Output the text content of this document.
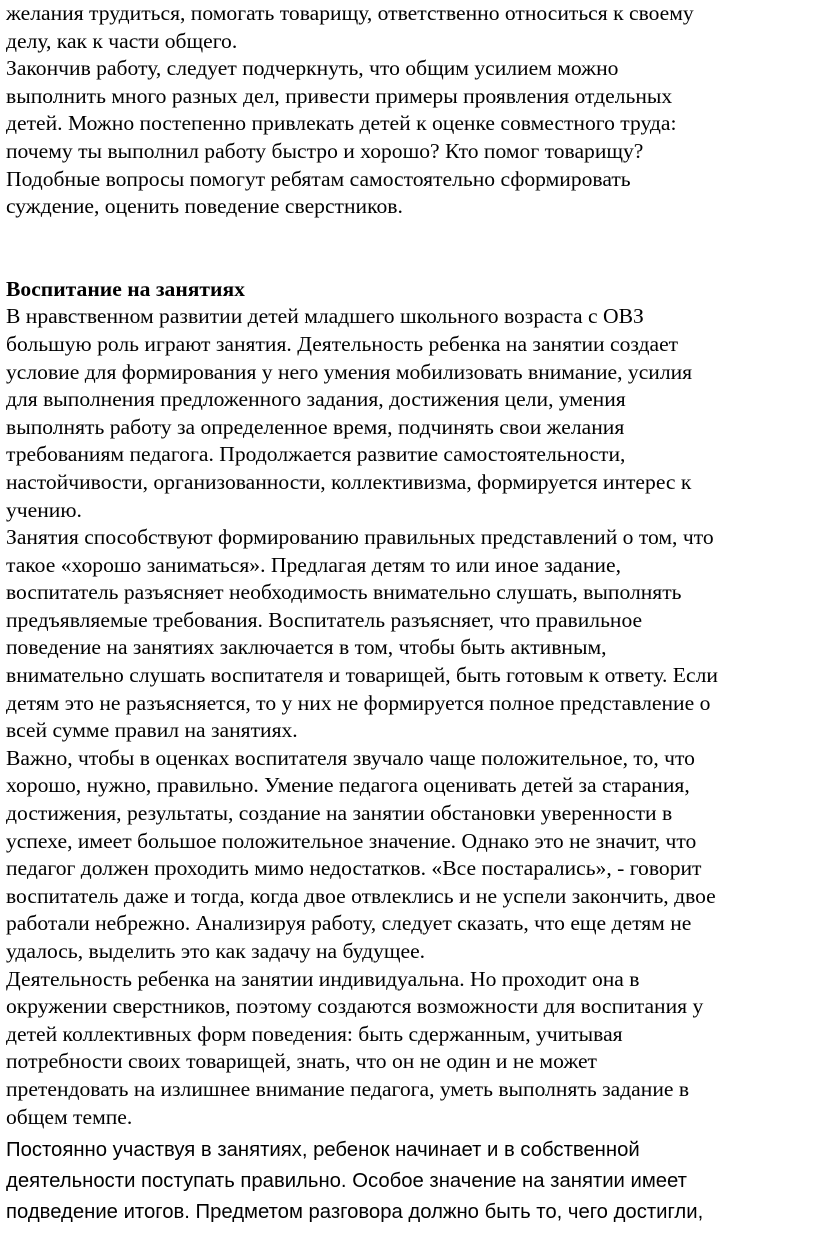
желания трудиться, помогать товарищу, ответственно относиться к своему
делу, как к части общего.
Закончив работу, следует подчеркнуть, что общим усилием можно
выполнить много разных дел, привести примеры проявления отдельных
детей. Можно постепенно привлекать детей к оценке совместного труда:
почему ты выполнил работу быстро и хорошо? Кто помог товарищу?
Подобные вопросы помогут ребятам самостоятельно сформировать
суждение, оценить поведение сверстников.
Воспитание на занятиях
В нравственном развитии детей младшего школьного возраста с ОВЗ
большую роль играют занятия. Деятельность ребенка на занятии создает
условие для формирования у него умения мобилизовать внимание, усилия
для выполнения предложенного задания, достижения цели, умения
выполнять работу за определенное время, подчинять свои желания
требованиям педагога. Продолжается развитие самостоятельности,
настойчивости, организованности, коллективизма, формируется интерес к
учению.
Занятия способствуют формированию правильных представлений о том, что
такое «хорошо заниматься». Предлагая детям то или иное задание,
воспитатель разъясняет необходимость внимательно слушать, выполнять
предъявляемые требования. Воспитатель разъясняет, что правильное
поведение на занятиях заключается в том, чтобы быть активным,
внимательно слушать воспитателя и товарищей, быть готовым к ответу. Если
детям это не разъясняется, то у них не формируется полное представление о
всей сумме правил на занятиях.
Важно, чтобы в оценках воспитателя звучало чаще положительное, то, что
хорошо, нужно, правильно. Умение педагога оценивать детей за старания,
достижения, результаты, создание на занятии обстановки уверенности в
успехе, имеет большое положительное значение. Однако это не значит, что
педагог должен проходить мимо недостатков. «Все постарались», - говорит
воспитатель даже и тогда, когда двое отвлеклись и не успели закончить, двое
работали небрежно. Анализируя работу, следует сказать, что еще детям не
удалось, выделить это как задачу на будущее.
Деятельность ребенка на занятии индивидуальна. Но проходит она в
окружении сверстников, поэтому создаются возможности для воспитания у
детей коллективных форм поведения: быть сдержанным, учитывая
потребности своих товарищей, знать, что он не один и не может
претендовать на излишнее внимание педагога, уметь выполнять задание в
общем темпе.
Постоянно участвуя в занятиях, ребенок начинает и в собственной
деятельности поступать правильно. Особое значение на занятии имеет
подведение итогов. Предметом разговора должно быть то, чего достигли,
